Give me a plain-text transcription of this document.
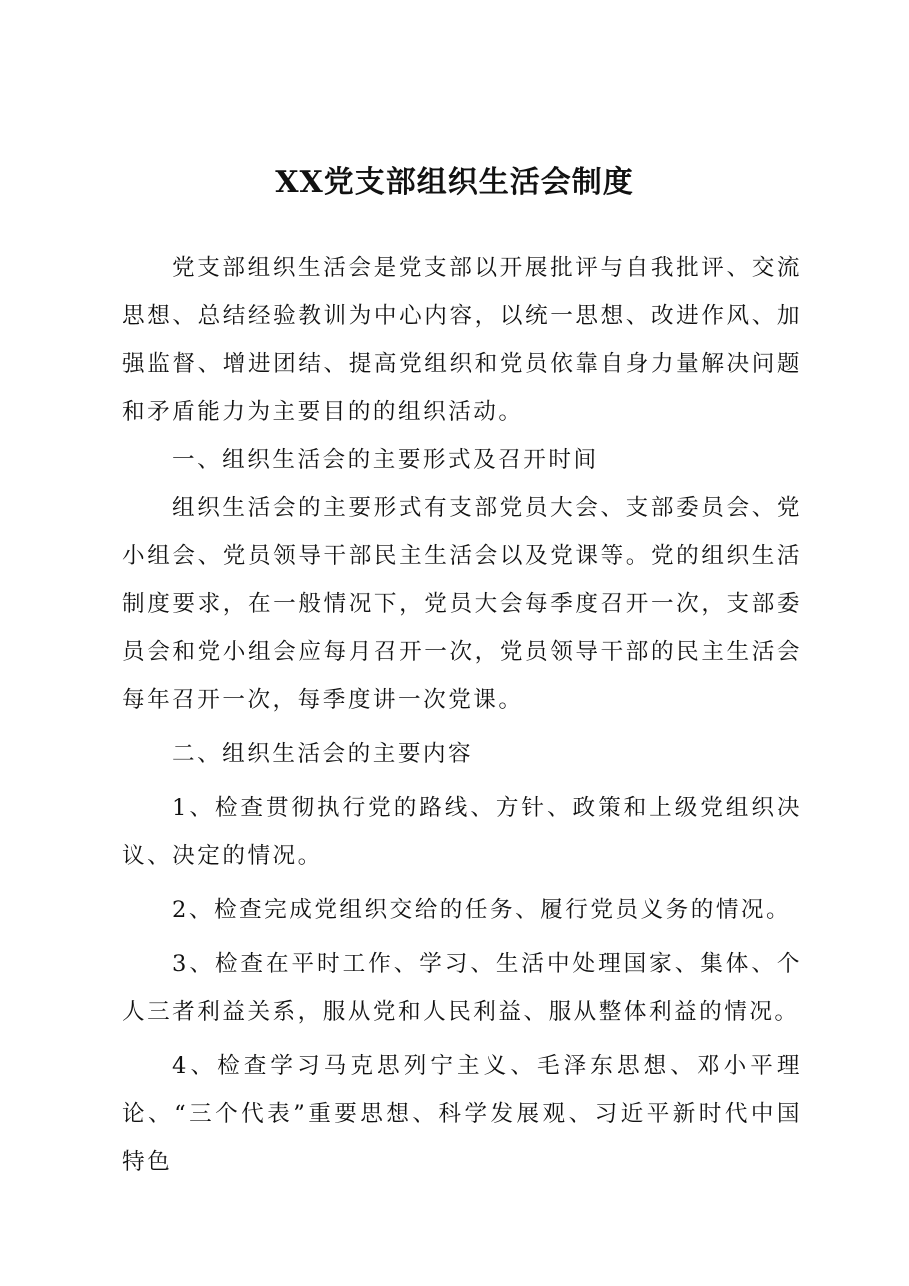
XX党支部组织生活会制度

党支部组织生活会是党支部以开展批评与自我批评、交流思想、总结经验教训为中心内容，以统一思想、改进作风、加强监督、增进团结、提高党组织和党员依靠自身力量解决问题和矛盾能力为主要目的的组织活动。

一、组织生活会的主要形式及召开时间

组织生活会的主要形式有支部党员大会、支部委员会、党小组会、党员领导干部民主生活会以及党课等。党的组织生活制度要求，在一般情况下，党员大会每季度召开一次，支部委员会和党小组会应每月召开一次，党员领导干部的民主生活会每年召开一次，每季度讲一次党课。

二、组织生活会的主要内容

1、检查贯彻执行党的路线、方针、政策和上级党组织决议、决定的情况。

2、检查完成党组织交给的任务、履行党员义务的情况。

3、检查在平时工作、学习、生活中处理国家、集体、个人三者利益关系，服从党和人民利益、服从整体利益的情况。

4、检查学习马克思列宁主义、毛泽东思想、邓小平理论、“三个代表”重要思想、科学发展观、习近平新时代中国特色
